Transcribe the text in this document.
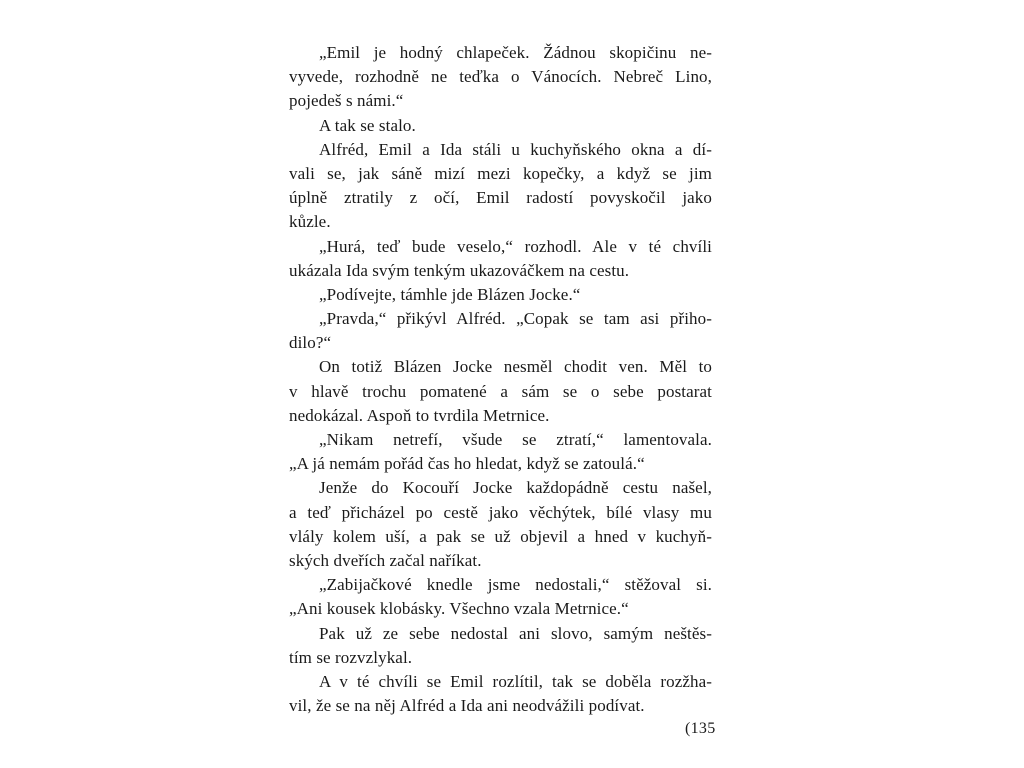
„Emil je hodný chlapeček. Žádnou skopičinu ne-
vyvede, rozhodně ne teďka o Vánocích. Nebreč Lino,
pojedeš s námi.“
A tak se stalo.
Alfréd, Emil a Ida stáli u kuchyňského okna a dí-
vali se, jak sáně mizí mezi kopečky, a když se jim
úplně ztratily z očí, Emil radostí povyskočil jako
kůzle.
„Hurá, teď bude veselo,“ rozhodl. Ale v té chvíli
ukázala Ida svým tenkým ukazováčkem na cestu.
„Podívejte, támhle jde Blázen Jocke.“
„Pravda,“ přikývl Alfréd. „Copak se tam asi přiho-
dilo?“
On totiž Blázen Jocke nesměl chodit ven. Měl to
v hlavě trochu pomatené a sám se o sebe postarat
nedokázal. Aspoň to tvrdila Metrnice.
„Nikam netrefí, všude se ztratí,“ lamentovala.
„A já nemám pořád čas ho hledat, když se zatoulá.“
Jenže do Kocouří Jocke každopádně cestu našel,
a teď přicházel po cestě jako věchýtek, bílé vlasy mu
vlály kolem uší, a pak se už objevil a hned v kuchyň-
ských dveřích začal naříkat.
„Zabijačkové knedle jsme nedostali,“ stěžoval si.
„Ani kousek klobásky. Všechno vzala Metrnice.“
Pak už ze sebe nedostal ani slovo, samým neštěs-
tím se rozvzlykal.
A v té chvíli se Emil rozlítil, tak se doběla rozžha-
vil, že se na něj Alfréd a Ida ani neodvážili podívat.
(135
